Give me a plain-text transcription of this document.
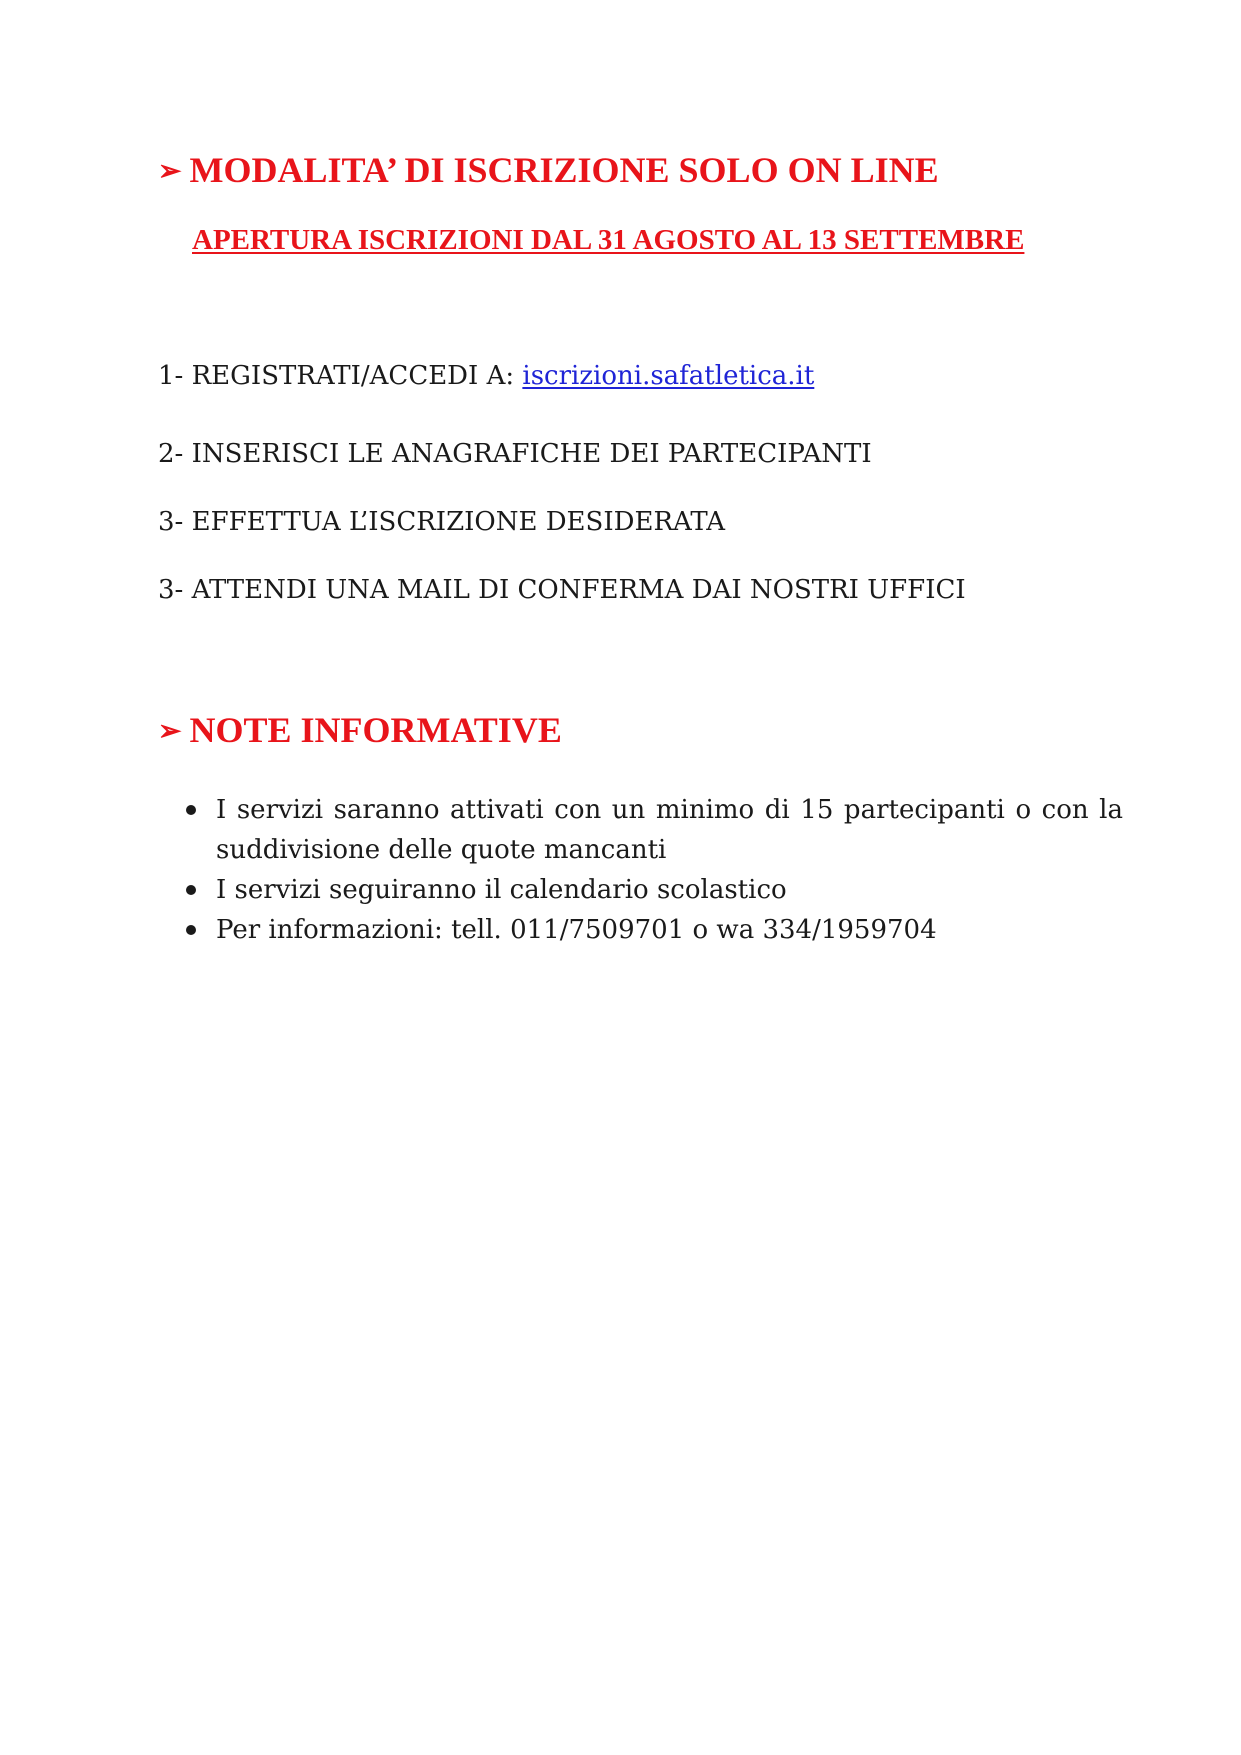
➢ MODALITA’ DI ISCRIZIONE SOLO ON LINE
APERTURA ISCRIZIONI DAL 31 AGOSTO AL 13 SETTEMBRE
1- REGISTRATI/ACCEDI A: iscrizioni.safatletica.it
2- INSERISCI LE ANAGRAFICHE DEI PARTECIPANTI
3- EFFETTUA L’ISCRIZIONE DESIDERATA
3- ATTENDI UNA MAIL DI CONFERMA DAI NOSTRI UFFICI
➢ NOTE INFORMATIVE
I servizi saranno attivati con un minimo di 15 partecipanti o con la suddivisione delle quote mancanti
I servizi seguiranno il calendario scolastico
Per informazioni: tell. 011/7509701 o wa 334/1959704
